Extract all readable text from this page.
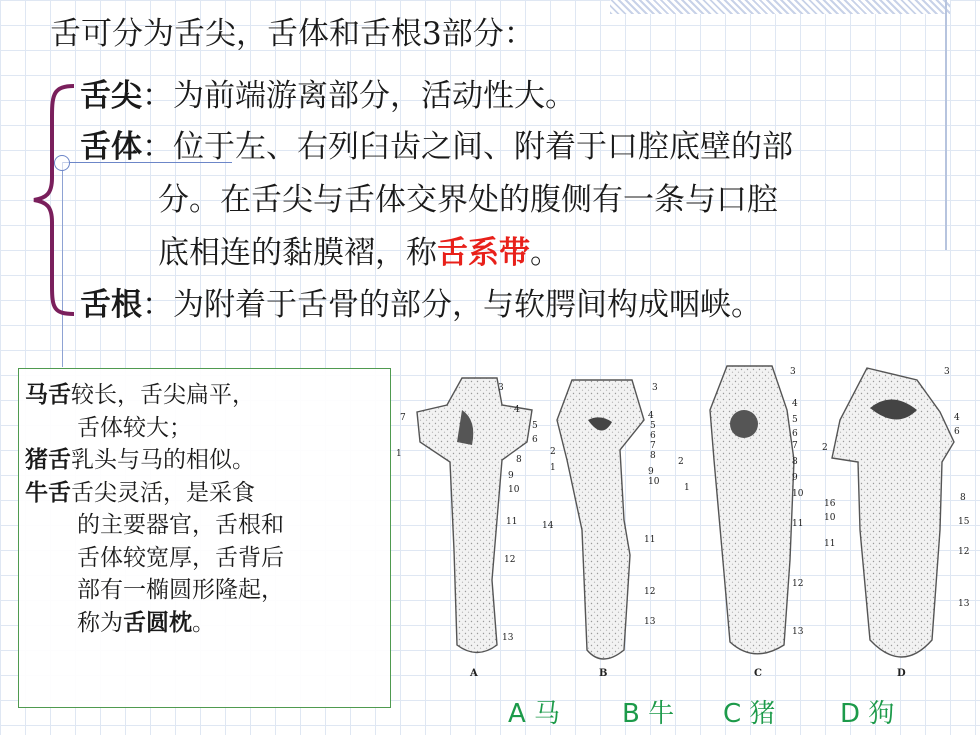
舌可分为舌尖，舌体和舌根3部分：
舌尖：为前端游离部分，活动性大。
舌体：位于左、右列臼齿之间、附着于口腔底壁的部
分。在舌尖与舌体交界处的腹侧有一条与口腔
底相连的黏膜褶，称舌系带。
舌根：为附着于舌骨的部分，与软腭间构成咽峡。
马舌较长，舌尖扁平，
舌体较大；
猪舌乳头与马的相似。
牛舌舌尖灵活，是采食
的主要器官，舌根和
舌体较宽厚，舌背后
部有一椭圆形隆起，
称为舌圆枕。
3
4
5
6
7
8
9
10
1
11
12
13
3
4
5
6
7
8
2
1	9
10
14
11
12
13
3
4
5
6
7
2	8
9
1
10
11
12
13
3
4
6
2
8
16
10	15
11
12
13
A	B	C	D
A 马 B 牛 C 猪 D 狗
